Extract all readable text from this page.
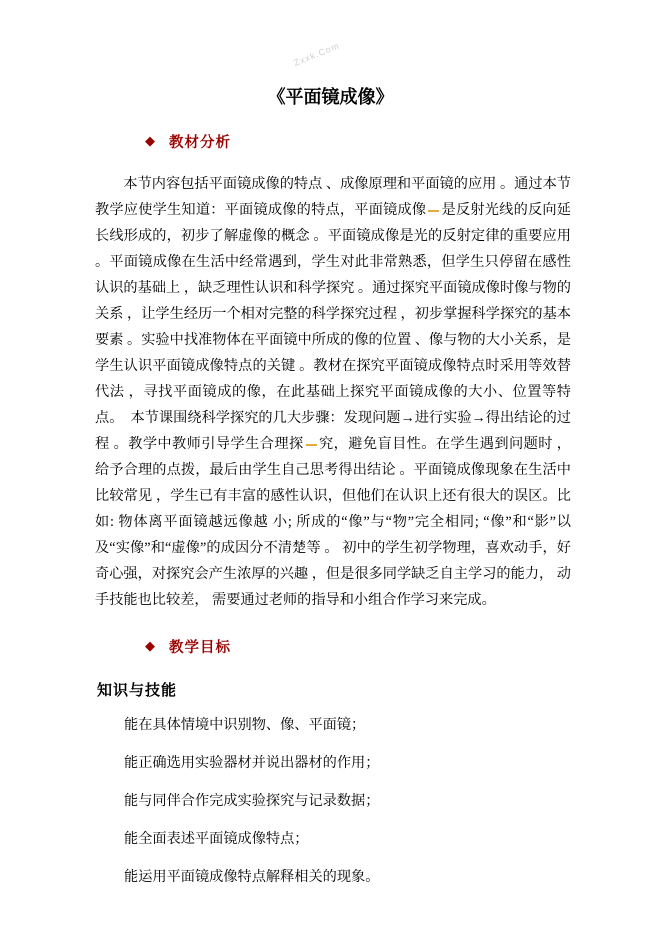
Zxxk.Com
《平面镜成像》
◆ 教材分析

本节内容包括平面镜成像的特点 、成像原理和平面镜的应用 。通过本节教学应使学生知道：平面镜成像的特点，平面镜成像 是反射光线的反向延长线形成的，初步了解虚像的概念 。平面镜成像是光的反射定律的重要应用 。平面镜成像在生活中经常遇到，学生对此非常熟悉，但学生只停留在感性认识的基础上 ，缺乏理性认识和科学探究 。通过探究平面镜成像时像与物的关系 ，让学生经历一个相对完整的科学探究过程 ，初步掌握科学探究的基本要素 。实验中找准物体在平面镜中所成的像的位置 、像与物的大小关系，是学生认识平面镜成像特点的关键 。教材在探究平面镜成像特点时采用等效替代法 ，寻找平面镜成的像，在此基础上探究平面镜成像的大小、位置等特点。　本节课围绕科学探究的几大步骤：发现问题→进行实验→得出结论的过程 。教学中教师引导学生合理探 究，避免盲目性。在学生遇到问题时 ，给予合理的点拨，最后由学生自己思考得出结论 。平面镜成像现象在生活中比较常见 ，学生已有丰富的感性认识，但他们在认识上还有很大的误区。比如: 物体离平面镜越远像越 小; 所成的“像”与“物”完全相同; “像”和“影”以及“实像”和“虚像”的成因分不清楚等 。 初中的学生初学物理，喜欢动手，好奇心强，对探究会产生浓厚的兴趣 ，但是很多同学缺乏自主学习的能力， 动手技能也比较差， 需要通过老师的指导和小组合作学习来完成。

◆ 教学目标
知识与技能
能在具体情境中识别物、像、平面镜；
能正确选用实验器材并说出器材的作用；
能与同伴合作完成实验探究与记录数据；
能全面表述平面镜成像特点；
能运用平面镜成像特点解释相关的现象。
